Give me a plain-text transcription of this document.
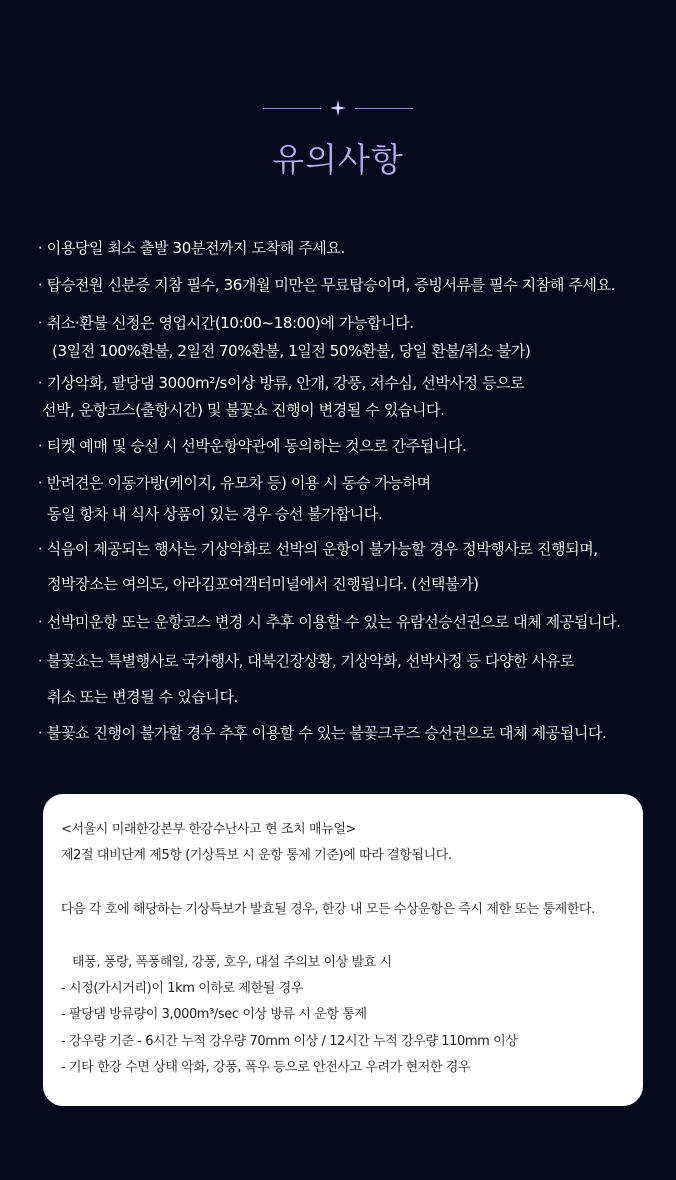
유의사항
· 이용당일 최소 출발 30분전까지 도착해 주세요.
· 탑승전원 신분증 지참 필수, 36개월 미만은 무료탑승이며, 증빙서류를 필수 지참해 주세요.
· 취소·환불 신청은 영업시간(10:00~18:00)에 가능합니다.
(3일전 100%환불, 2일전 70%환불, 1일전 50%환불, 당일 환불/취소 불가)
· 기상악화, 팔당댐 3000m²/s이상 방류, 안개, 강풍, 저수심, 선박사정 등으로
선박, 운항코스(출항시간) 및 불꽃쇼 진행이 변경될 수 있습니다.
· 티켓 예매 및 승선 시 선박운항약관에 동의하는 것으로 간주됩니다.
· 반려견은 이동가방(케이지, 유모차 등) 이용 시 동승 가능하며
동일 항차 내 식사 상품이 있는 경우 승선 불가합니다.
· 식음이 제공되는 행사는 기상악화로 선박의 운항이 불가능할 경우 정박행사로 진행되며,
정박장소는 여의도, 아라김포여객터미널에서 진행됩니다. (선택불가)
· 선박미운항 또는 운항코스 변경 시 추후 이용할 수 있는 유람선승선권으로 대체 제공됩니다.
· 불꽃쇼는 특별행사로 국가행사, 대북긴장상황, 기상악화, 선박사정 등 다양한 사유로
취소 또는 변경될 수 있습니다.
· 불꽃쇼 진행이 불가할 경우 추후 이용할 수 있는 불꽃크루즈 승선권으로 대체 제공됩니다.
<서울시 미래한강본부 한강수난사고 현 조치 매뉴얼>
제2절 대비단계 제5항 (기상특보 시 운항 통제 기준)에 따라 결항됩니다.
다음 각 호에 해당하는 기상특보가 발효될 경우, 한강 내 모든 수상운항은 즉시 제한 또는 통제한다.
태풍, 풍랑, 폭풍해일, 강풍, 호우, 대설 주의보 이상 발효 시
- 시정(가시거리)이 1km 이하로 제한될 경우
- 팔당댐 방류량이 3,000m³/sec 이상 방류 시 운항 통제
- 강우량 기준 - 6시간 누적 강우량 70mm 이상 / 12시간 누적 강우량 110mm 이상
- 기타 한강 수면 상태 악화, 강풍, 폭우 등으로 안전사고 우려가 현저한 경우
